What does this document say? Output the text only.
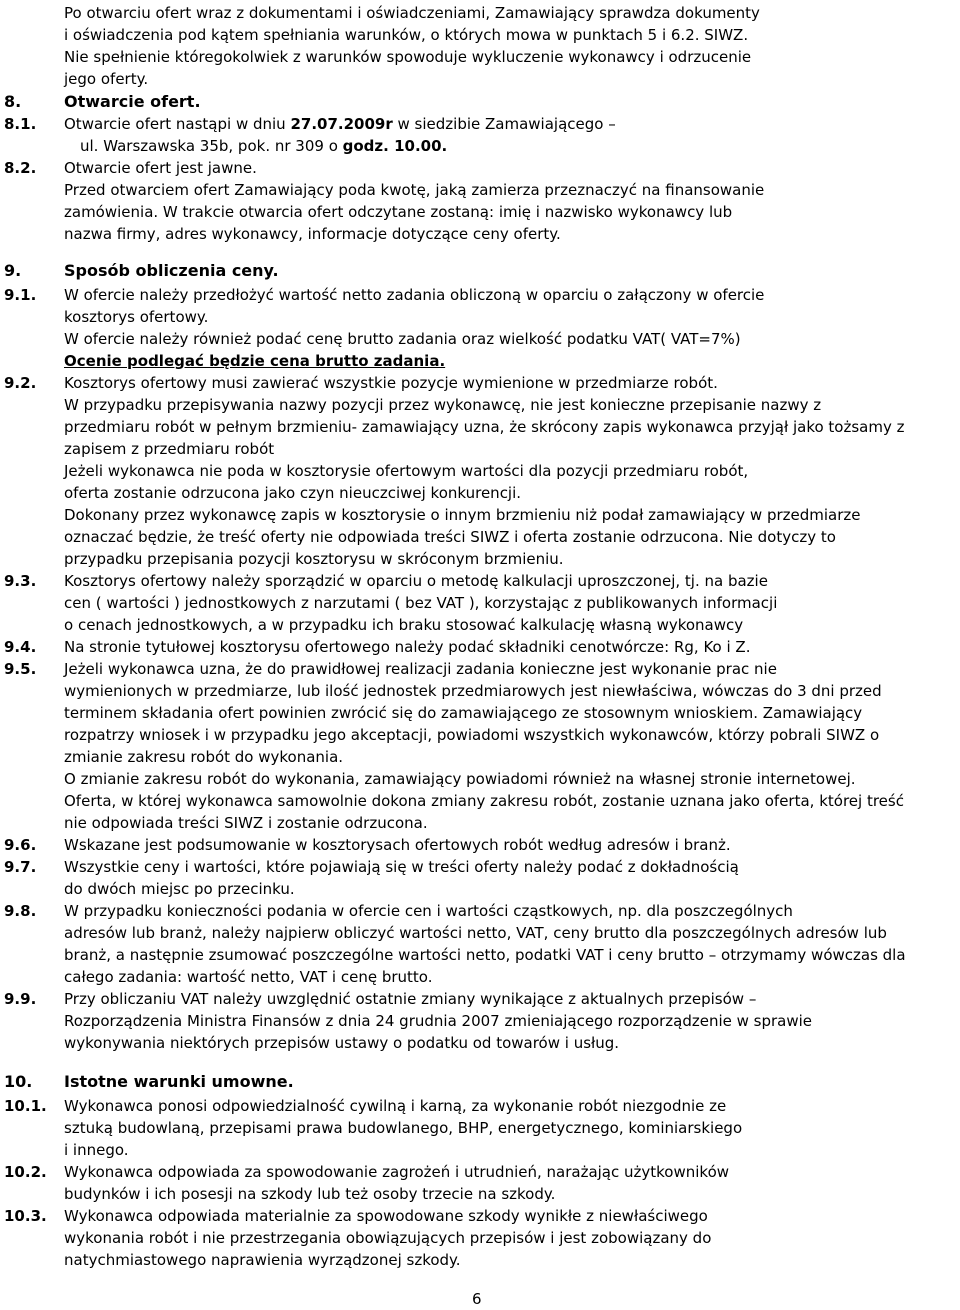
Po otwarciu ofert wraz z dokumentami i oświadczeniami, Zamawiający sprawdza dokumenty
i oświadczenia pod kątem spełniania warunków, o których mowa w punktach 5 i 6.2. SIWZ.
Nie spełnienie któregokolwiek z warunków spowoduje wykluczenie wykonawcy i odrzucenie
jego oferty.
8.	Otwarcie ofert.
8.1. Otwarcie ofert nastąpi w dniu 27.07.2009r w siedzibie Zamawiającego –
ul. Warszawska 35b, pok. nr 309 o godz. 10.00.
8.2. Otwarcie ofert jest jawne.
Przed otwarciem ofert Zamawiający poda kwotę, jaką zamierza przeznaczyć na finansowanie
zamówienia. W trakcie otwarcia ofert odczytane zostaną: imię i nazwisko wykonawcy lub
nazwa firmy, adres wykonawcy, informacje dotyczące ceny oferty.
9.	Sposób obliczenia ceny.
9.1. W ofercie należy przedłożyć wartość netto zadania obliczoną w oparciu o załączony w ofercie
kosztorys ofertowy.
W ofercie należy również podać cenę brutto zadania oraz wielkość podatku VAT( VAT=7%)
Ocenie podlegać będzie cena brutto zadania.
9.2. Kosztorys ofertowy musi zawierać wszystkie pozycje wymienione w przedmiarze robót.
W przypadku przepisywania nazwy pozycji przez wykonawcę, nie jest konieczne przepisanie nazwy z
przedmiaru robót w pełnym brzmieniu- zamawiający uzna, że skrócony zapis wykonawca przyjął jako tożsamy z
zapisem z przedmiaru robót
Jeżeli wykonawca nie poda w kosztorysie ofertowym wartości dla pozycji przedmiaru robót,
oferta zostanie odrzucona jako czyn nieuczciwej konkurencji.
Dokonany przez wykonawcę zapis w kosztorysie o innym brzmieniu niż podał zamawiający w przedmiarze
oznaczać będzie, że treść oferty nie odpowiada treści SIWZ i oferta zostanie odrzucona. Nie dotyczy to
przypadku przepisania pozycji kosztorysu w skróconym brzmieniu.
9.3. Kosztorys ofertowy należy sporządzić w oparciu o metodę kalkulacji uproszczonej, tj. na bazie
cen ( wartości ) jednostkowych z narzutami ( bez VAT ), korzystając z publikowanych informacji
o cenach jednostkowych, a w przypadku ich braku stosować kalkulację własną wykonawcy
9.4. Na stronie tytułowej kosztorysu ofertowego należy podać składniki cenotwórcze: Rg, Ko i Z.
9.5. Jeżeli wykonawca uzna, że do prawidłowej realizacji zadania konieczne jest wykonanie prac nie
wymienionych w przedmiarze, lub ilość jednostek przedmiarowych jest niewłaściwa, wówczas do 3 dni przed
terminem składania ofert powinien zwrócić się do zamawiającego ze stosownym wnioskiem. Zamawiający
rozpatrzy wniosek i w przypadku jego akceptacji, powiadomi wszystkich wykonawców, którzy pobrali SIWZ o
zmianie zakresu robót do wykonania.
O zmianie zakresu robót do wykonania, zamawiający powiadomi również na własnej stronie internetowej.
Oferta, w której wykonawca samowolnie dokona zmiany zakresu robót, zostanie uznana jako oferta, której treść
nie odpowiada treści SIWZ i zostanie odrzucona.
9.6. Wskazane jest podsumowanie w kosztorysach ofertowych robót według adresów i branż.
9.7. Wszystkie ceny i wartości, które pojawiają się w treści oferty należy podać z dokładnością
do dwóch miejsc po przecinku.
9.8. W przypadku konieczności podania w ofercie cen i wartości cząstkowych, np. dla poszczególnych
adresów lub branż, należy najpierw obliczyć wartości netto, VAT, ceny brutto dla poszczególnych adresów lub
branż, a następnie zsumować poszczególne wartości netto, podatki VAT i ceny brutto – otrzymamy wówczas dla
całego zadania: wartość netto, VAT i cenę brutto.
9.9. Przy obliczaniu VAT należy uwzględnić ostatnie zmiany wynikające z aktualnych przepisów –
Rozporządzenia Ministra Finansów z dnia 24 grudnia 2007 zmieniającego rozporządzenie w sprawie
wykonywania niektórych przepisów ustawy o podatku od towarów i usług.
10. Istotne warunki umowne.
10.1. Wykonawca ponosi odpowiedzialność cywilną i karną, za wykonanie robót niezgodnie ze
sztuką budowlaną, przepisami prawa budowlanego, BHP, energetycznego, kominiarskiego
i innego.
10.2. Wykonawca odpowiada za spowodowanie zagrożeń i utrudnień, narażając użytkowników
budynków i ich posesji na szkody lub też osoby trzecie na szkody.
10.3. Wykonawca odpowiada materialnie za spowodowane szkody wynikłe z niewłaściwego
wykonania robót i nie przestrzegania obowiązujących przepisów i jest zobowiązany do
natychmiastowego naprawienia wyrządzonej szkody.
6
